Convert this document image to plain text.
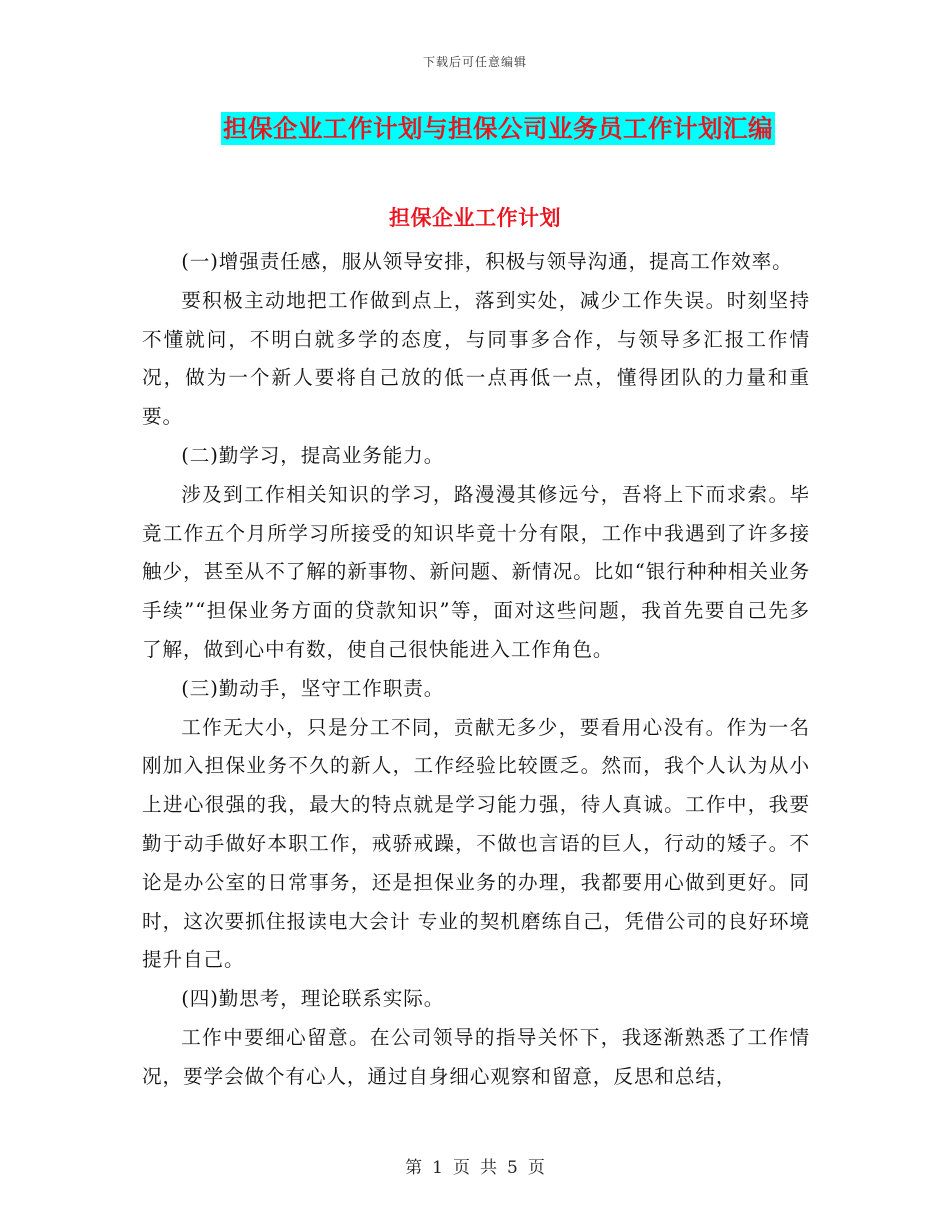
下载后可任意编辑
担保企业工作计划与担保公司业务员工作计划汇编
担保企业工作计划

(一)增强责任感，服从领导安排，积极与领导沟通，提高工作效率。

要积极主动地把工作做到点上，落到实处，减少工作失误。时刻坚持不懂就问，不明白就多学的态度，与同事多合作，与领导多汇报工作情况，做为一个新人要将自己放的低一点再低一点，懂得团队的力量和重要。

(二)勤学习，提高业务能力。

涉及到工作相关知识的学习，路漫漫其修远兮，吾将上下而求索。毕竟工作五个月所学习所接受的知识毕竟十分有限，工作中我遇到了许多接触少，甚至从不了解的新事物、新问题、新情况。比如“银行种种相关业务手续”“担保业务方面的贷款知识”等，面对这些问题，我首先要自己先多了解，做到心中有数，使自己很快能进入工作角色。

(三)勤动手，坚守工作职责。

工作无大小，只是分工不同，贡献无多少，要看用心没有。作为一名刚加入担保业务不久的新人，工作经验比较匮乏。然而，我个人认为从小上进心很强的我，最大的特点就是学习能力强，待人真诚。工作中，我要勤于动手做好本职工作，戒骄戒躁，不做也言语的巨人，行动的矮子。不论是办公室的日常事务，还是担保业务的办理，我都要用心做到更好。同时，这次要抓住报读电大会计 专业的契机磨练自己，凭借公司的良好环境提升自己。

(四)勤思考，理论联系实际。

工作中要细心留意。在公司领导的指导关怀下，我逐渐熟悉了工作情况，要学会做个有心人，通过自身细心观察和留意，反思和总结，

第 1 页 共 5 页
